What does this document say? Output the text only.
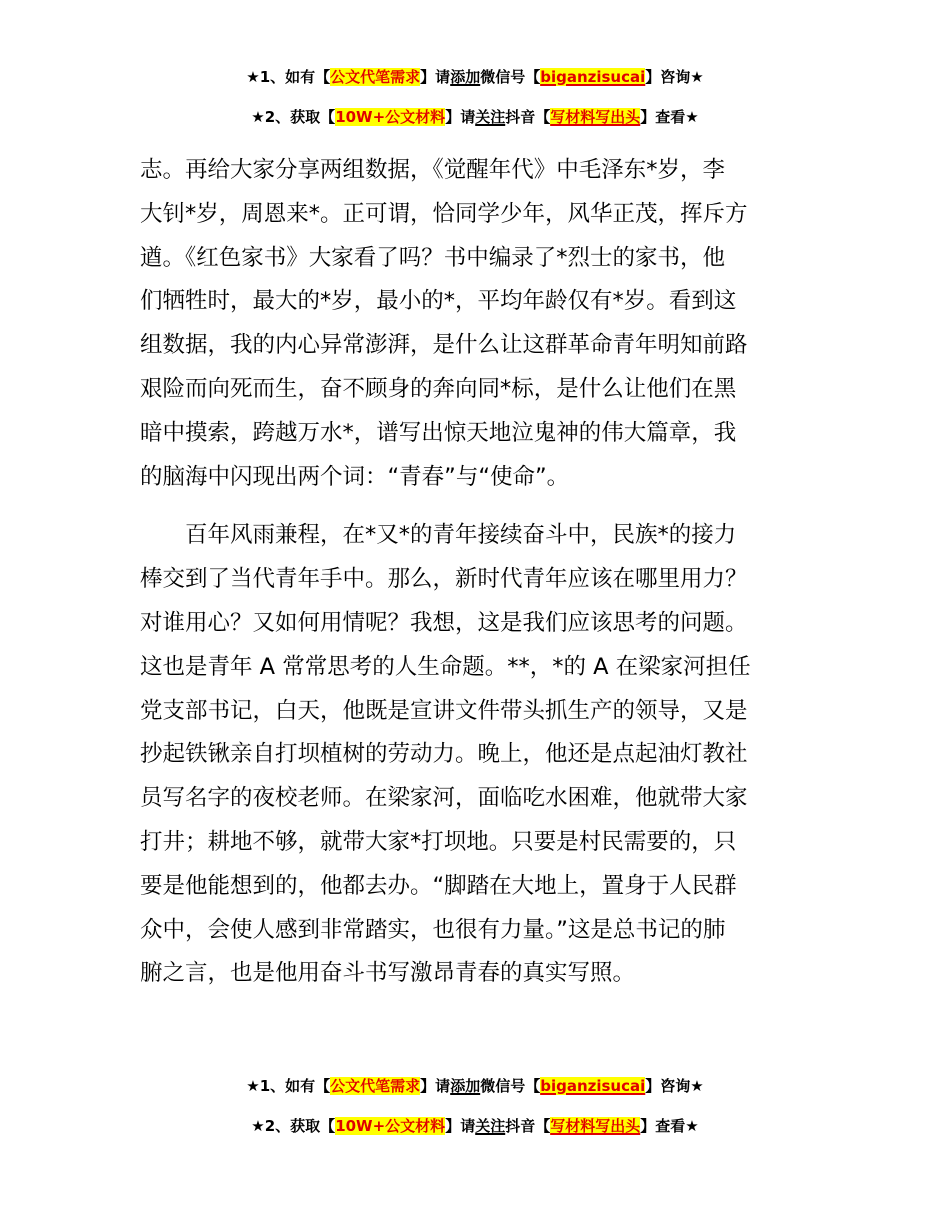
★1、如有【公文代笔需求】请添加微信号【biganzisucai】咨询★
★2、获取【10W+公文材料】请关注抖音【写材料写出头】查看★
志。再给大家分享两组数据，《觉醒年代》中毛泽东*岁，李
大钊*岁，周恩来*。正可谓，恰同学少年，风华正茂，挥斥方
遒。《红色家书》大家看了吗？书中编录了*烈士的家书，他
们牺牲时，最大的*岁，最小的*，平均年龄仅有*岁。看到这
组数据，我的内心异常澎湃，是什么让这群革命青年明知前路
艰险而向死而生，奋不顾身的奔向同*标，是什么让他们在黑
暗中摸索，跨越万水*，谱写出惊天地泣鬼神的伟大篇章，我
的脑海中闪现出两个词：“青春”与“使命”。
百年风雨兼程，在*又*的青年接续奋斗中，民族*的接力
棒交到了当代青年手中。那么，新时代青年应该在哪里用力？
对谁用心？又如何用情呢？我想，这是我们应该思考的问题。
这也是青年 A 常常思考的人生命题。**，*的 A 在梁家河担任
党支部书记，白天，他既是宣讲文件带头抓生产的领导，又是
抄起铁锹亲自打坝植树的劳动力。晚上，他还是点起油灯教社
员写名字的夜校老师。在梁家河，面临吃水困难，他就带大家
打井；耕地不够，就带大家*打坝地。只要是村民需要的，只
要是他能想到的，他都去办。“脚踏在大地上，置身于人民群
众中，会使人感到非常踏实，也很有力量。”这是总书记的肺
腑之言，也是他用奋斗书写激昂青春的真实写照。
★1、如有【公文代笔需求】请添加微信号【biganzisucai】咨询★
★2、获取【10W+公文材料】请关注抖音【写材料写出头】查看★
